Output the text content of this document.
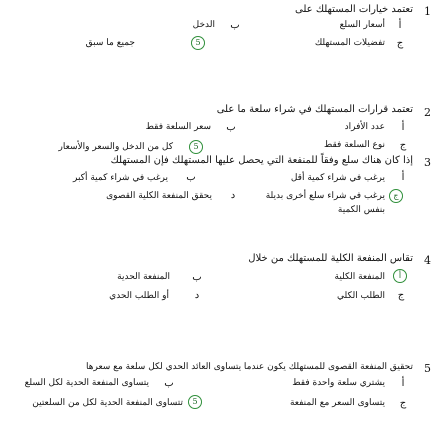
1
تعتمد خيارات المستهلك على
أ
أسعار السلع
ب
الدخل
ج
تفضيلات المستهلك
5
جميع ما سبق
2
تعتمد قرارات المستهلك في شراء سلعة ما على
أ
عدد الأفراد
ب
سعر السلعة فقط
ج
نوع السلعة فقط
5
كل من الدخل والسعر والأسعار
3
إذا كان هناك سلع وفقاً للمنفعة التي يحصل عليها المستهلك فإن المستهلك
أ
يرغب في شراء كمية أقل
ب
يرغب في شراء كمية أكبر
ج
يرغب في شراء سلع أخرى بديلة
بنفس الكمية
د
يحقق المنفعة الكلية القصوى
4
تقاس المنفعة الكلية للمستهلك من خلال
أ
المنفعة الكلية
ب
المنفعة الحدية
ج
الطلب الكلي
د
أو الطلب الحدي
5
تحقيق المنفعة القصوى للمستهلك يكون عندما يتساوى العائد الحدي لكل سلعة مع سعرها
أ
يشتري سلعة واحدة فقط
ب
يتساوى المنفعة الحدية لكل السلع
ج
يتساوى السعر مع المنفعة
5
تتساوى المنفعة الحدية لكل من السلعتين
